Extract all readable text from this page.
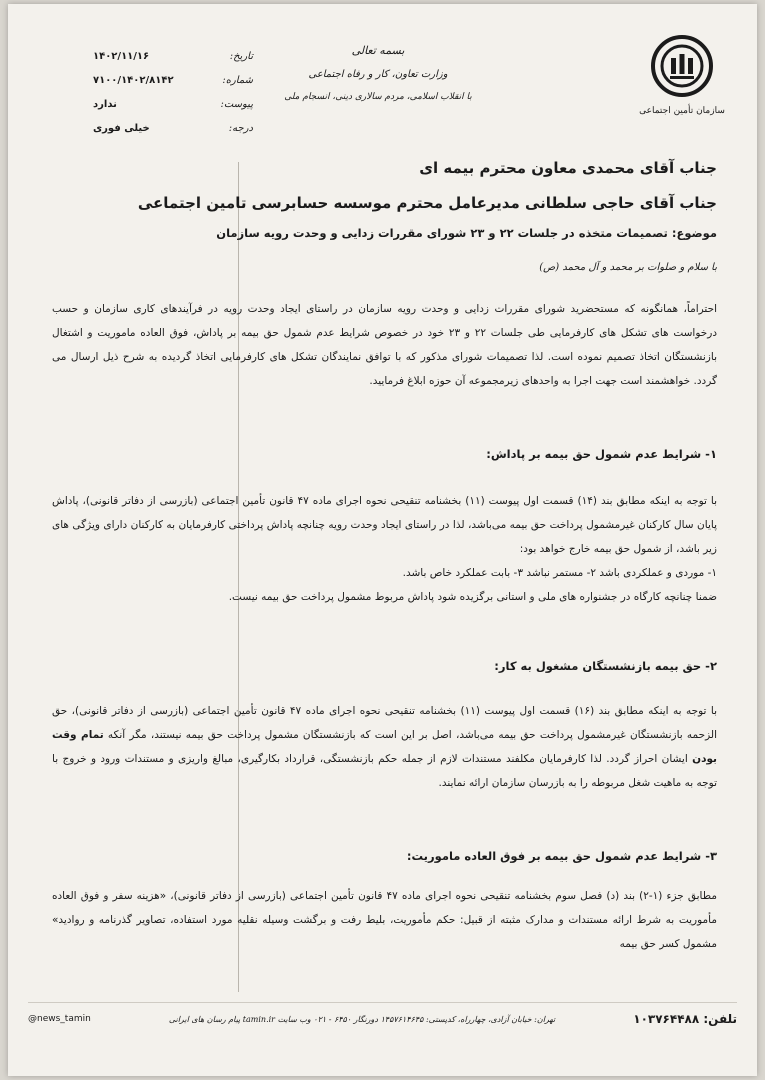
سازمان تأمین اجتماعی
بسمه تعالی
وزارت تعاون، کار و رفاه اجتماعی
با انقلاب اسلامی، مردم سالاری دینی، انسجام ملی
تاریخ:
۱۴۰۲/۱۱/۱۶
شماره:
۷۱۰۰/۱۴۰۲/۸۱۴۲
پیوست:
ندارد
درجه:
خیلی فوری
جناب آقای محمدی معاون محترم بیمه ای
جناب آقای حاجی سلطانی مدیرعامل محترم موسسه حسابرسی تامین اجتماعی
موضوع: تصمیمات متخذه در جلسات ۲۲ و ۲۳ شورای مقررات زدایی و وحدت رویه سازمان
با سلام و صلوات بر محمد و آل محمد (ص)

احتراماً، همانگونه که مستحضرید شورای مقررات زدایی و وحدت رویه سازمان در راستای ایجاد وحدت رویه در فرآیندهای کاری سازمان و حسب درخواست های تشکل های کارفرمایی طی جلسات ۲۲ و ۲۳ خود در خصوص شرایط عدم شمول حق بیمه بر پاداش، فوق العاده ماموریت و اشتغال بازنشستگان اتخاذ تصمیم نموده است. لذا تصمیمات شورای مذکور که با توافق نمایندگان تشکل های کارفرمایی اتخاذ گردیده به شرح ذیل ارسال می گردد. خواهشمند است جهت اجرا به واحدهای زیرمجموعه آن حوزه ابلاغ فرمایید.

۱- شرایط عدم شمول حق بیمه بر پاداش:

با توجه به اینکه مطابق بند (۱۴) قسمت اول پیوست (۱۱) بخشنامه تنقیحی نحوه اجرای ماده ۴۷ قانون تأمین اجتماعی (بازرسی از دفاتر قانونی)، پاداش پایان سال کارکنان غیرمشمول پرداخت حق بیمه می‌باشد، لذا در راستای ایجاد وحدت رویه چنانچه پاداش پرداختی کارفرمایان به کارکنان دارای ویژگی های زیر باشد، از شمول حق بیمه خارج خواهد بود:

۱- موردی و عملکردی باشد ۲- مستمر نباشد ۳- بابت عملکرد خاص باشد.

ضمنا چنانچه کارگاه در جشنواره های ملی و استانی برگزیده شود پاداش مربوط مشمول پرداخت حق بیمه نیست.

۲- حق بیمه بازنشستگان مشغول به کار:

با توجه به اینکه مطابق بند (۱۶) قسمت اول پیوست (۱۱) بخشنامه تنقیحی نحوه اجرای ماده ۴۷ قانون تأمین اجتماعی (بازرسی از دفاتر قانونی)، حق الزحمه بازنشستگان غیرمشمول پرداخت حق بیمه می‌باشد، اصل بر این است که بازنشستگان مشمول پرداخت حق بیمه نیستند، مگر آنکه تمام وقت بودن ایشان احراز گردد. لذا کارفرمایان مکلفند مستندات لازم از جمله حکم بازنشستگی، قرارداد بکارگیری، مبالغ واریزی و مستندات ورود و خروج با توجه به ماهیت شغل مربوطه را به بازرسان سازمان ارائه نمایند.

۳- شرایط عدم شمول حق بیمه بر فوق العاده ماموریت:

مطابق جزء (۱-۲) بند (د) فصل سوم بخشنامه تنقیحی نحوه اجرای ماده ۴۷ قانون تأمین اجتماعی (بازرسی از دفاتر قانونی)، «هزینه سفر و فوق العاده مأموریت به شرط ارائه مستندات و مدارک مثبته از قبیل: حکم مأموریت، بلیط رفت و برگشت وسیله نقلیه مورد استفاده، تصاویر گذرنامه و روادید» مشمول کسر حق بیمه

تلفن: ۱۰۳۷۶۴۴۸۸
تهران: خیابان آزادی، چهارراه، کدپستی: ۱۴۵۷۶۱۴۶۴۵ دورنگار ۶۴۵۰ - ۰۲۱ وب سایت tamin.ir پیام رسان های ایرانی
@news_tamin
